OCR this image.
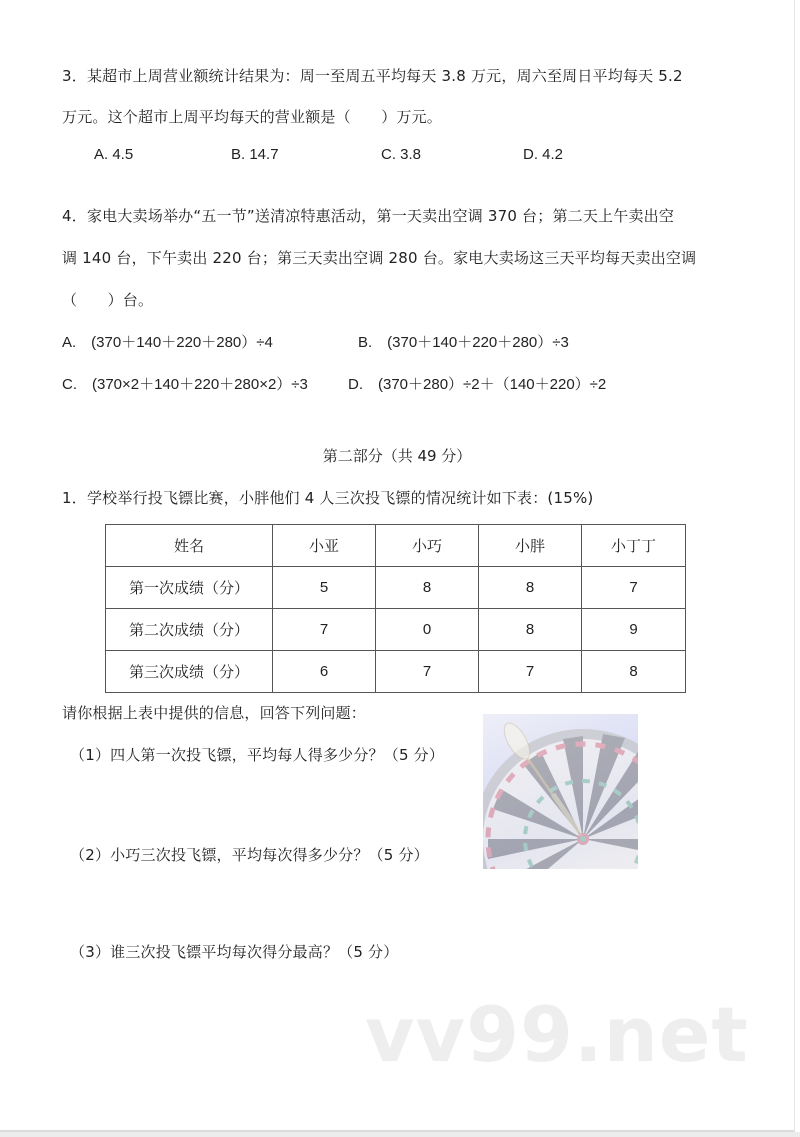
3．某超市上周营业额统计结果为：周一至周五平均每天 3.8 万元，周六至周日平均每天 5.2
万元。这个超市上周平均每天的营业额是（　　）万元。
A. 4.5	B. 14.7	C. 3.8	D. 4.2
4．家电大卖场举办“五一节”送清凉特惠活动，第一天卖出空调 370 台；第二天上午卖出空
调 140 台，下午卖出 220 台；第三天卖出空调 280 台。家电大卖场这三天平均每天卖出空调
（　　）台。
A.　(370＋140＋220＋280）÷4	B.　(370＋140＋220＋280）÷3
C.　(370×2＋140＋220＋280×2）÷3	D.　(370＋280）÷2＋（140＋220）÷2
第二部分（共 49 分）
1．学校举行投飞镖比赛，小胖他们 4 人三次投飞镖的情况统计如下表：(15%)
姓名	小亚	小巧	小胖	小丁丁
第一次成绩（分）	5	8	8	7
第二次成绩（分）	7	0	8	9
第三次成绩（分）	6	7	7	8
请你根据上表中提供的信息，回答下列问题：
（1）四人第一次投飞镖，平均每人得多少分？（5 分）
（2）小巧三次投飞镖，平均每次得多少分？（5 分）
（3）谁三次投飞镖平均每次得分最高？（5 分）
vv99.net
